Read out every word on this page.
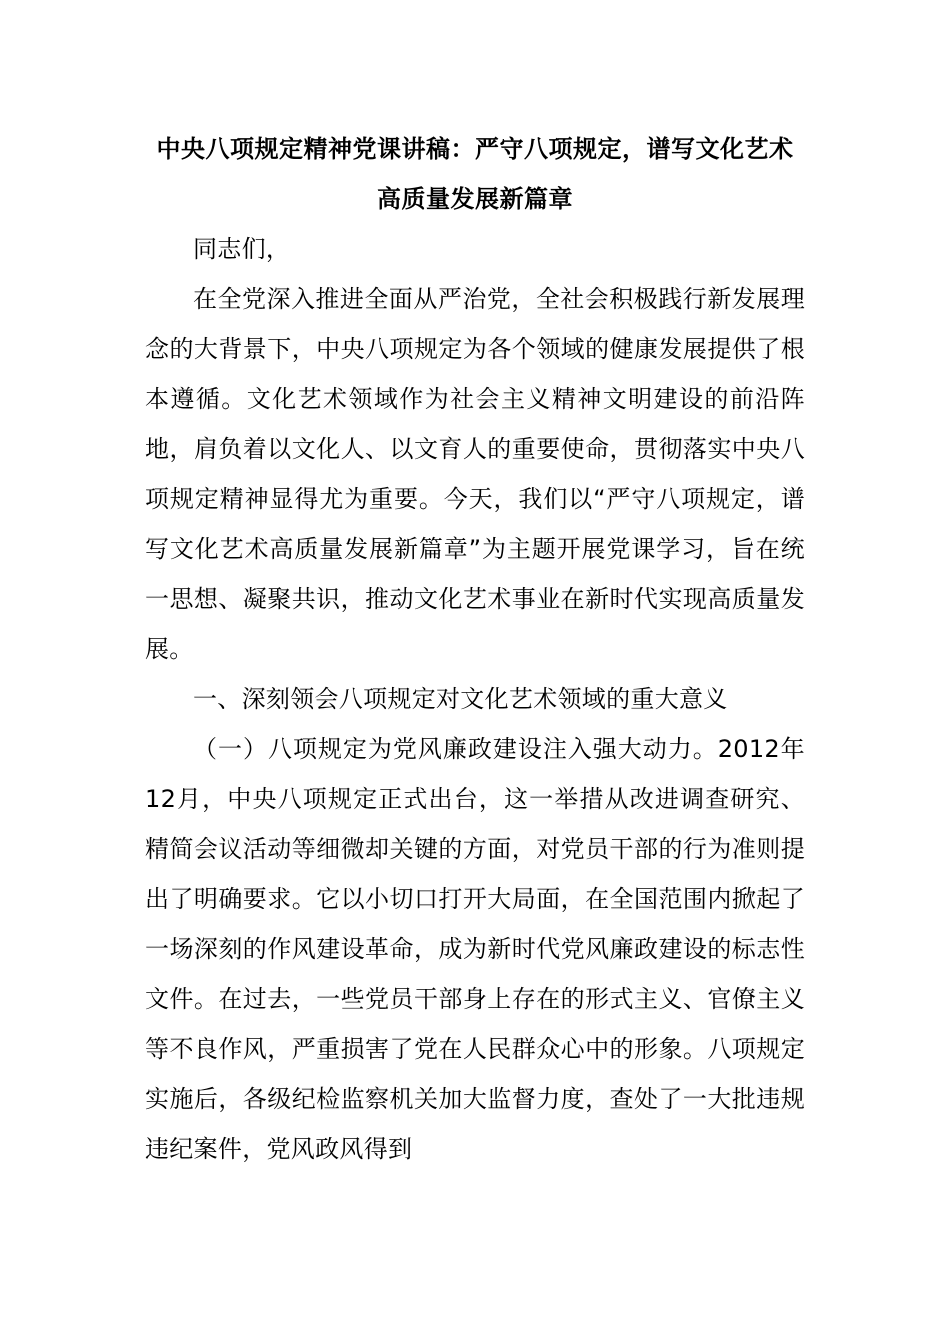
中央八项规定精神党课讲稿：严守八项规定，谱写文化艺术高质量发展新篇章

同志们，

在全党深入推进全面从严治党，全社会积极践行新发展理念的大背景下，中央八项规定为各个领域的健康发展提供了根本遵循。文化艺术领域作为社会主义精神文明建设的前沿阵地，肩负着以文化人、以文育人的重要使命，贯彻落实中央八项规定精神显得尤为重要。今天，我们以“严守八项规定，谱写文化艺术高质量发展新篇章”为主题开展党课学习，旨在统一思想、凝聚共识，推动文化艺术事业在新时代实现高质量发展。

一、深刻领会八项规定对文化艺术领域的重大意义

（一）八项规定为党风廉政建设注入强大动力。2012年12月，中央八项规定正式出台，这一举措从改进调查研究、精简会议活动等细微却关键的方面，对党员干部的行为准则提出了明确要求。它以小切口打开大局面，在全国范围内掀起了一场深刻的作风建设革命，成为新时代党风廉政建设的标志性文件。在过去，一些党员干部身上存在的形式主义、官僚主义等不良作风，严重损害了党在人民群众心中的形象。八项规定实施后，各级纪检监察机关加大监督力度，查处了一大批违规违纪案件，党风政风得到
